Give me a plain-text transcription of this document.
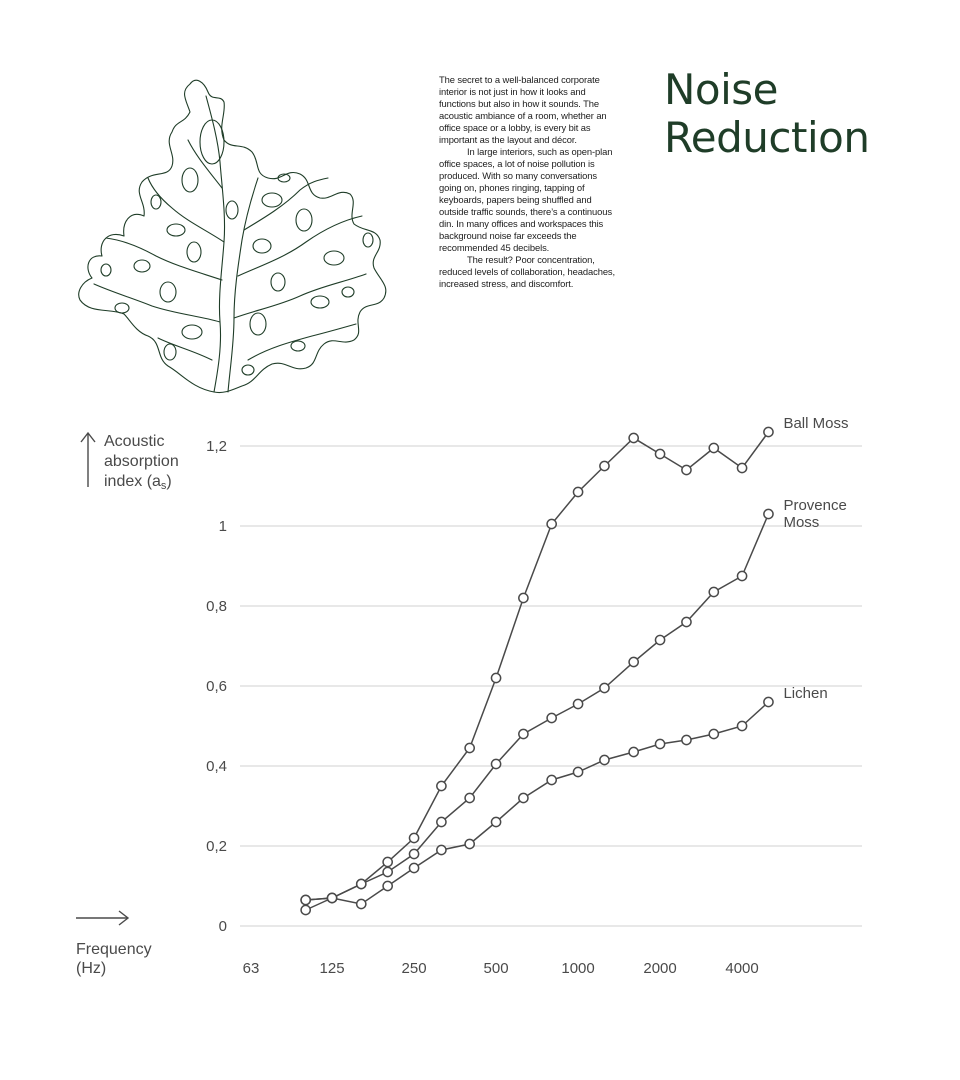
The secret to a well-balanced corporate interior is not just in how it looks and functions but also in how it sounds. The acoustic ambiance of a room, whether an office space or a lobby, is every bit as important as the layout and décor.

In large interiors, such as open-plan office spaces, a lot of noise pollution is produced. With so many conversations going on, phones ringing, tapping of keyboards, papers being shuffled and outside traffic sounds, there’s a continuous din. In many offices and workspaces this background noise far exceeds the recommended 45 decibels.

The result? Poor concentration, reduced levels of collaboration, headaches, increased stress, and discomfort.

Noise
Reduction
0
0,2
0,4
0,6
0,8
1
1,2
63	125	250	500	1000	2000	4000
Ball Moss
Provence
Moss
Lichen
Acoustic
absorption
index (as)
Frequency
(Hz)
